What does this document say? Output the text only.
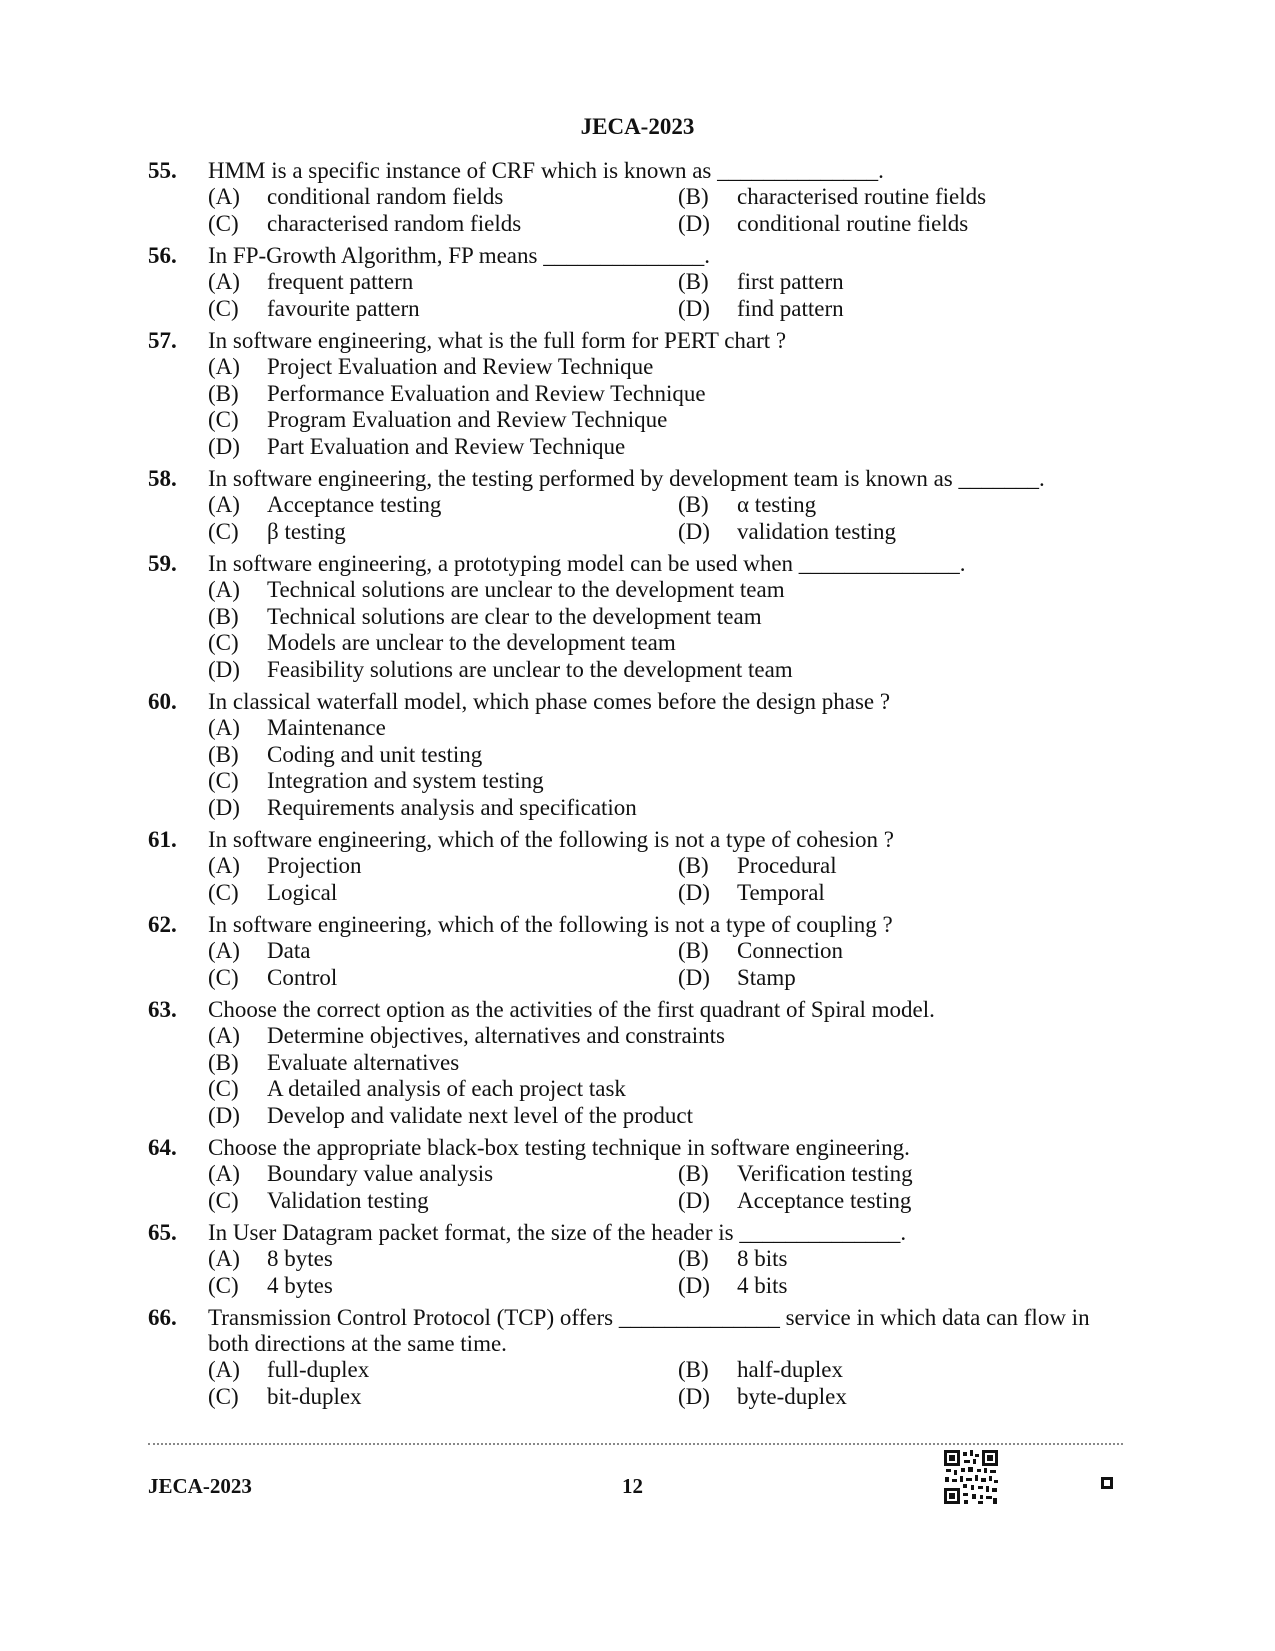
JECA-2023
55. HMM is a specific instance of CRF which is known as ______________.
(A)	conditional random fields	(B)	characterised routine fields
(C)	characterised random fields	(D)	conditional routine fields
56. In FP-Growth Algorithm, FP means ______________.
(A)	frequent pattern	(B)	first pattern
(C)	favourite pattern	(D)	find pattern
57. In software engineering, what is the full form for PERT chart ?
(A)	Project Evaluation and Review Technique
(B)	Performance Evaluation and Review Technique
(C)	Program Evaluation and Review Technique
(D)	Part Evaluation and Review Technique
58. In software engineering, the testing performed by development team is known as _______.
(A)	Acceptance testing	(B)	α testing
(C)	β testing	(D)	validation testing
59. In software engineering, a prototyping model can be used when ______________.
(A)	Technical solutions are unclear to the development team
(B)	Technical solutions are clear to the development team
(C)	Models are unclear to the development team
(D)	Feasibility solutions are unclear to the development team
60. In classical waterfall model, which phase comes before the design phase ?
(A)	Maintenance
(B)	Coding and unit testing
(C)	Integration and system testing
(D)	Requirements analysis and specification
61. In software engineering, which of the following is not a type of cohesion ?
(A)	Projection	(B)	Procedural
(C)	Logical	(D)	Temporal
62. In software engineering, which of the following is not a type of coupling ?
(A)	Data	(B)	Connection
(C)	Control	(D)	Stamp
63. Choose the correct option as the activities of the first quadrant of Spiral model.
(A)	Determine objectives, alternatives and constraints
(B)	Evaluate alternatives
(C)	A detailed analysis of each project task
(D)	Develop and validate next level of the product
64. Choose the appropriate black-box testing technique in software engineering.
(A)	Boundary value analysis	(B)	Verification testing
(C)	Validation testing	(D)	Acceptance testing
65. In User Datagram packet format, the size of the header is ______________.
(A)	8 bytes	(B)	8 bits
(C)	4 bytes	(D)	4 bits
66. Transmission Control Protocol (TCP) offers ______________ service in which data can flow in both directions at the same time.
(A)	full-duplex	(B)	half-duplex
(C)	bit-duplex	(D)	byte-duplex
JECA-2023	12
